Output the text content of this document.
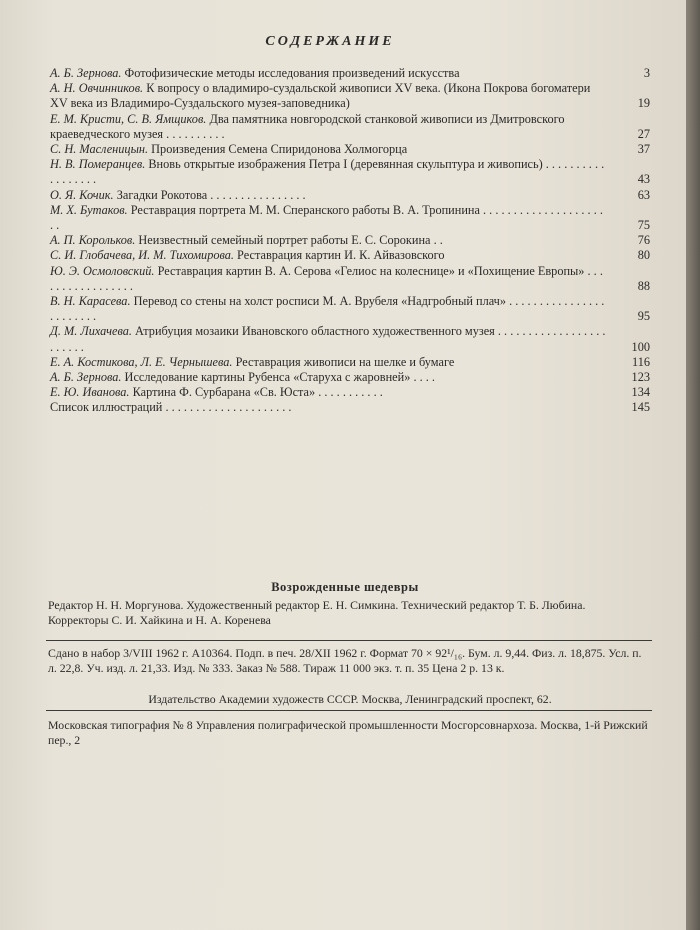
СОДЕРЖАНИЕ
А. Б. Зернова. Фотофизические методы исследования произведений искусства	3
А. Н. Овчинников. К вопросу о владимиро-суздальской живописи XV века. (Икона Покрова богоматери XV века из Владимиро-Суздальского музея-заповедника)	19
Е. М. Кристи, С. В. Ямщиков. Два памятника новгородской станковой живописи из Дмитровского краеведческого музея . . . . . . . . . .	27
С. Н. Масленицын. Произведения Семена Спиридонова Холмогорца	37
Н. В. Померанцев. Вновь открытые изображения Петра I (деревянная скульптура и живопись) . . . . . . . . . . . . . . . . . .	43
О. Я. Кочик. Загадки Рокотова . . . . . . . . . . . . . . . .	63
М. Х. Бутаков. Реставрация портрета М. М. Сперанского работы В. А. Тропинина . . . . . . . . . . . . . . . . . . . . . .	75
А. П. Корольков. Неизвестный семейный портрет работы Е. С. Сорокина . .	76
С. И. Глобачева, И. М. Тихомирова. Реставрация картин И. К. Айвазовского	80
Ю. Э. Осмоловский. Реставрация картин В. А. Серова «Гелиос на колеснице» и «Похищение Европы» . . . . . . . . . . . . . . . . .	88
В. Н. Карасева. Перевод со стены на холст росписи М. А. Врубеля «Надгробный плач» . . . . . . . . . . . . . . . . . . . . . . . .	95
Д. М. Лихачева. Атрибуция мозаики Ивановского областного художественного музея . . . . . . . . . . . . . . . . . . . . . . . .	100
Е. А. Костикова, Л. Е. Чернышева. Реставрация живописи на шелке и бумаге	116
А. Б. Зернова. Исследование картины Рубенса «Старуха с жаровней» . . . .	123
Е. Ю. Иванова. Картина Ф. Сурбарана «Св. Юста» . . . . . . . . . . .	134
Список иллюстраций . . . . . . . . . . . . . . . . . . . . .	145
Возрожденные шедевры
Редактор Н. Н. Моргунова. Художественный редактор Е. Н. Симкина. Технический редактор Т. Б. Любина. Корректоры С. И. Хайкина и Н. А. Коренева
Сдано в набор 3/VIII 1962 г. А10364. Подп. в печ. 28/XII 1962 г. Формат 70 × 92¹/₁₆. Бум. л. 9,44. Физ. л. 18,875. Усл. п. л. 22,8. Уч. изд. л. 21,33. Изд. № 333. Заказ № 588. Тираж 11 000 экз. т. п. 35 Цена 2 р. 13 к.
Издательство Академии художеств СССР. Москва, Ленинградский проспект, 62.
Московская типография № 8 Управления полиграфической промышленности Мосгорсовнархоза. Москва, 1-й Рижский пер., 2
